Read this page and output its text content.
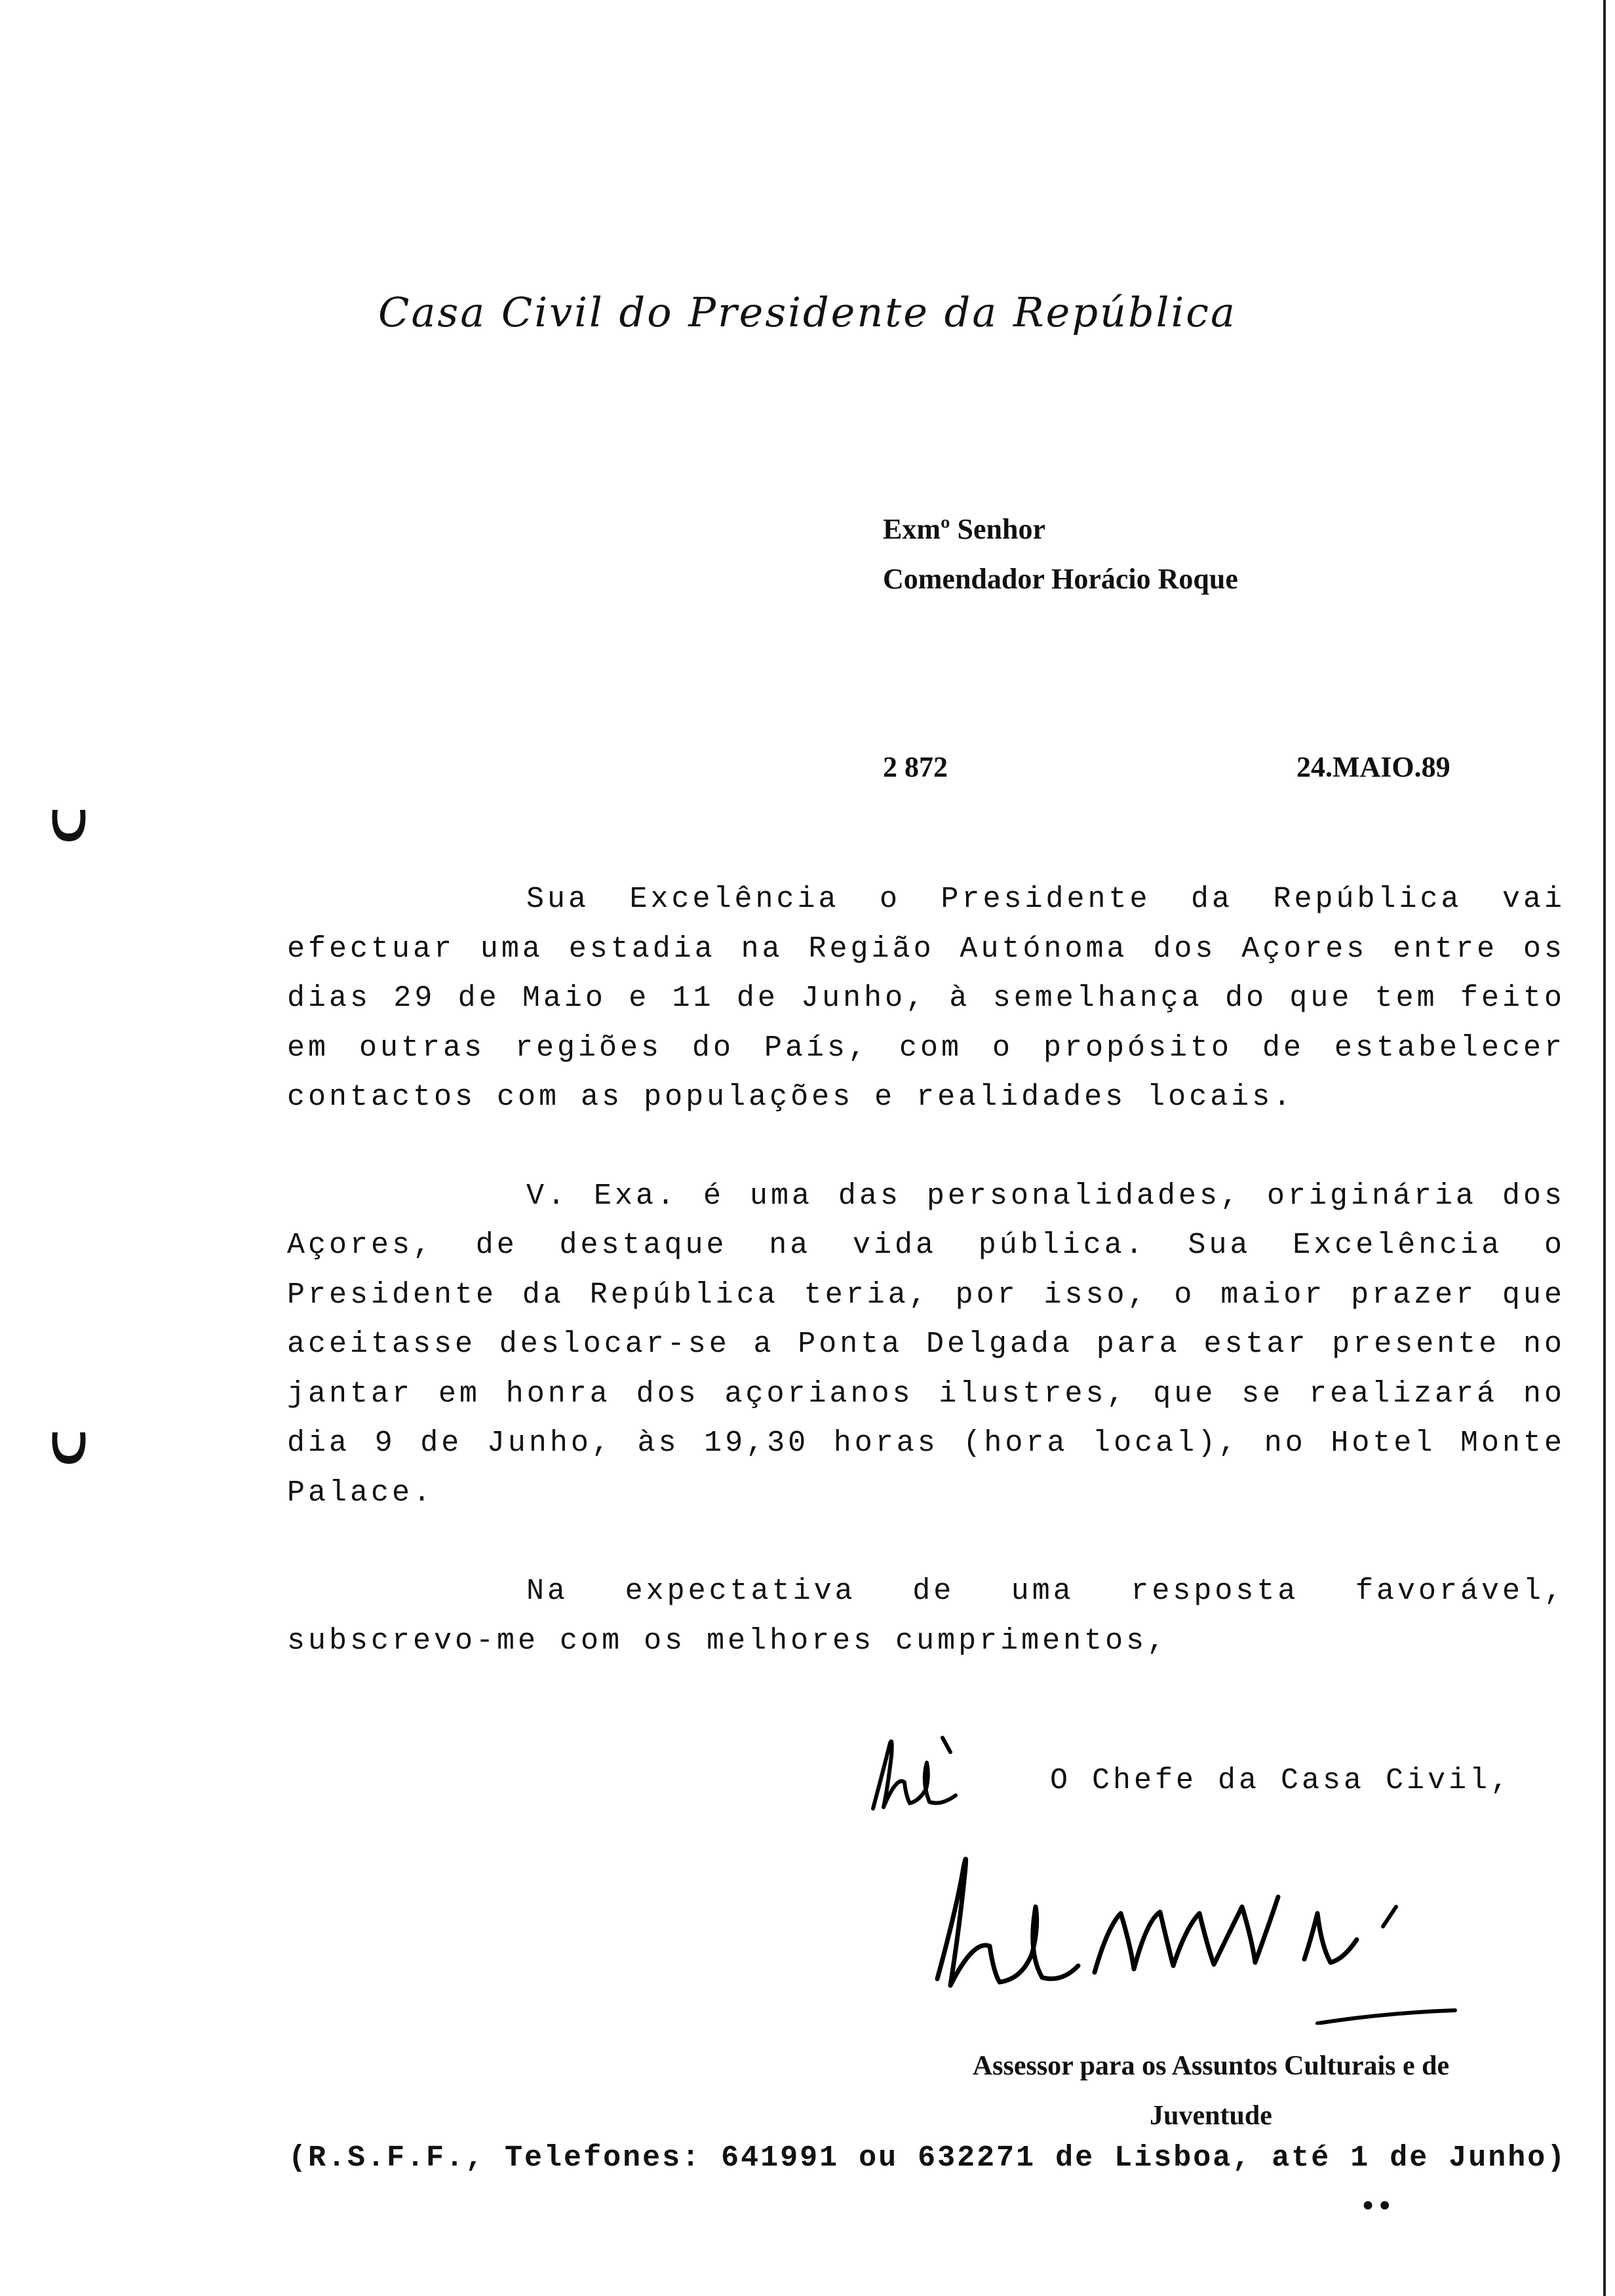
Casa Civil do Presidente da República
Exmº Senhor
Comendador Horácio Roque
2 872	24.MAIO.89

Sua Excelência o Presidente da República vai efectuar uma estadia na Região Autónoma dos Açores entre os dias 29 de Maio e 11 de Junho, à semelhança do que tem feito em outras regiões do País, com o propósito de estabelecer contactos com as populações e realidades locais.

V. Exa. é uma das personalidades, originária dos Açores, de destaque na vida pública. Sua Excelência o Presidente da República teria, por isso, o maior prazer que aceitasse deslocar-se a Ponta Delgada para estar presente no jantar em honra dos açorianos ilustres, que se realizará no dia 9 de Junho, às 19,30 horas (hora local), no Hotel Monte Palace.

Na expectativa de uma resposta favorável, subscrevo-me com os melhores cumprimentos,

O Chefe da Casa Civil,
Assessor para os Assuntos Culturais e de
Juventude
(R.S.F.F., Telefones: 641991 ou 632271 de Lisboa, até 1 de Junho)
● ●
